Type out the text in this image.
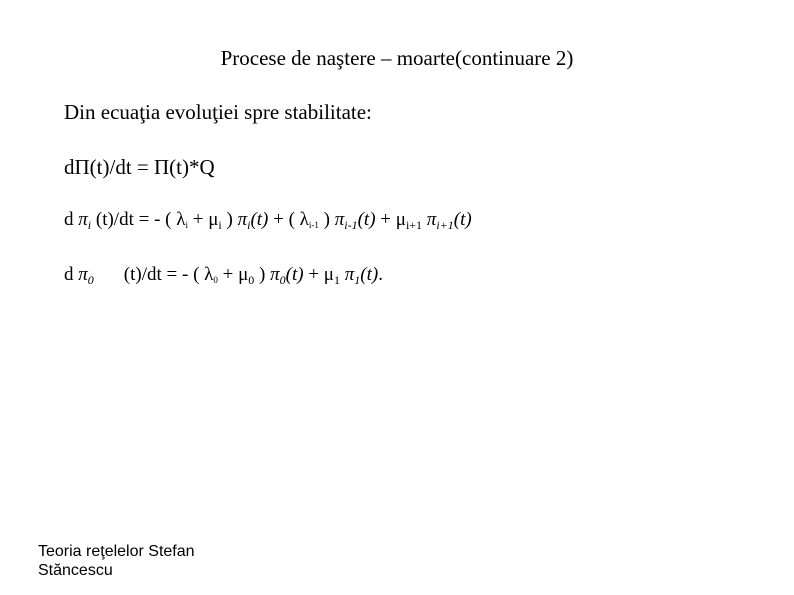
Procese de naştere – moarte(continuare 2)
Din ecuaţia evoluţiei spre stabilitate:
dΠ(t)/dt = Π(t)*Q
d $\pi_i$ (t)/dt = - ( $\lambda i + \mu_i$ ) $\pi_i(t)$ + ( λi-1 ) $\pi_{i-1}(t) + \mu_{i+1}$ $\pi_{i+1}(t)$
d $\pi_0$ (t)/dt = - ( $\lambda 0 + \mu_0$ ) $\pi_0(t) + \mu_1$ $\pi_1(t)$.
Teoria reţelelor Stefan
Stăncescu
